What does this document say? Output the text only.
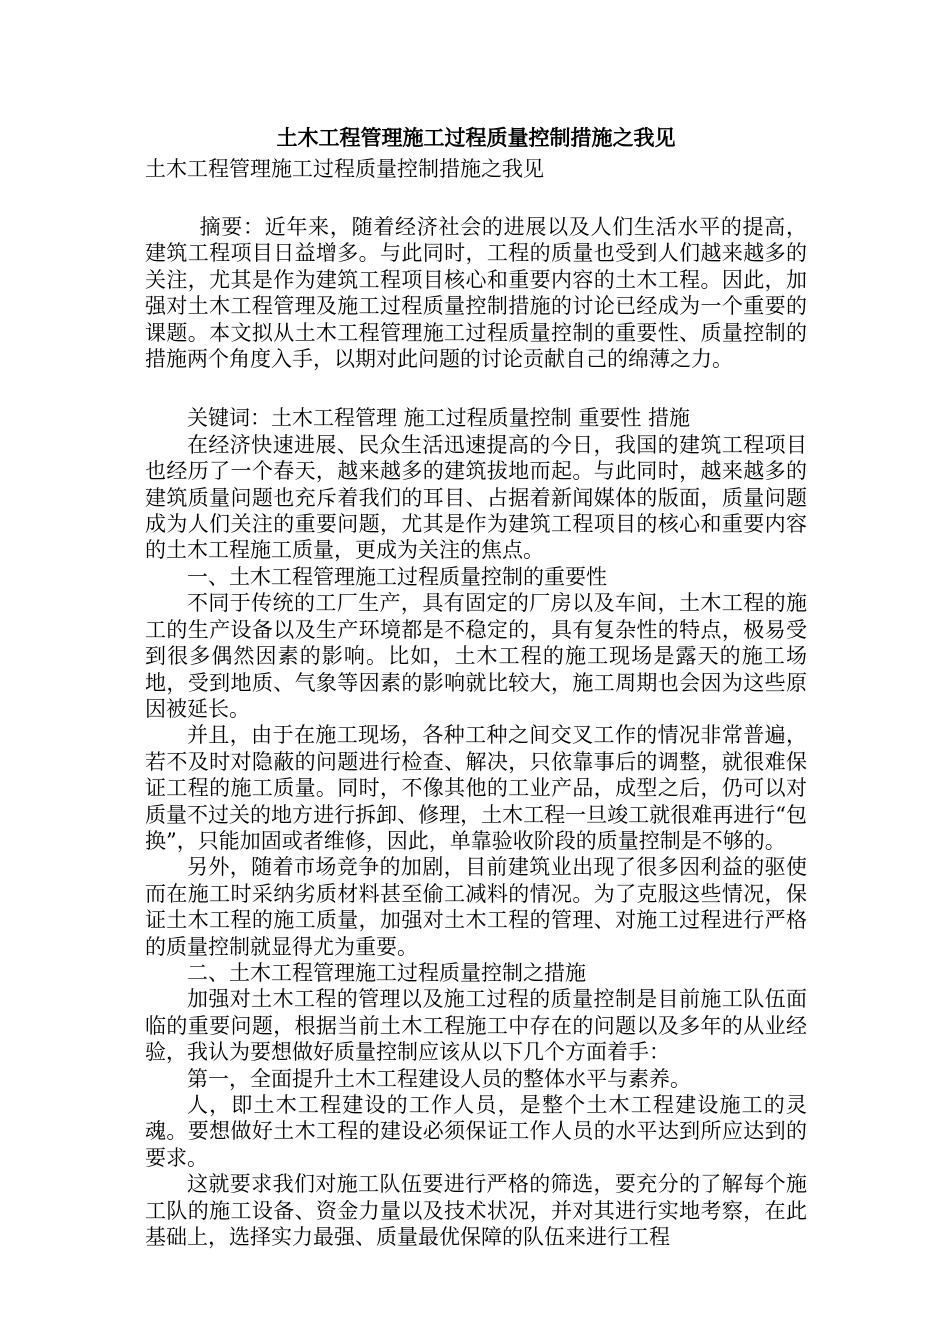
土木工程管理施工过程质量控制措施之我见
土木工程管理施工过程质量控制措施之我见

摘要：近年来，随着经济社会的进展以及人们生活水平的提高，建筑工程项目日益增多。与此同时，工程的质量也受到人们越来越多的关注，尤其是作为建筑工程项目核心和重要内容的土木工程。因此，加强对土木工程管理及施工过程质量控制措施的讨论已经成为一个重要的课题。本文拟从土木工程管理施工过程质量控制的重要性、质量控制的措施两个角度入手，以期对此问题的讨论贡献自己的绵薄之力。

关键词：土木工程管理 施工过程质量控制 重要性 措施

在经济快速进展、民众生活迅速提高的今日，我国的建筑工程项目也经历了一个春天，越来越多的建筑拔地而起。与此同时，越来越多的建筑质量问题也充斥着我们的耳目、占据着新闻媒体的版面，质量问题成为人们关注的重要问题，尤其是作为建筑工程项目的核心和重要内容的土木工程施工质量，更成为关注的焦点。

一、土木工程管理施工过程质量控制的重要性

不同于传统的工厂生产，具有固定的厂房以及车间，土木工程的施工的生产设备以及生产环境都是不稳定的，具有复杂性的特点，极易受到很多偶然因素的影响。比如，土木工程的施工现场是露天的施工场地，受到地质、气象等因素的影响就比较大，施工周期也会因为这些原因被延长。

并且，由于在施工现场，各种工种之间交叉工作的情况非常普遍，若不及时对隐蔽的问题进行检查、解决，只依靠事后的调整，就很难保证工程的施工质量。同时，不像其他的工业产品，成型之后，仍可以对质量不过关的地方进行拆卸、修理，土木工程一旦竣工就很难再进行“包换”，只能加固或者维修，因此，单靠验收阶段的质量控制是不够的。

另外，随着市场竞争的加剧，目前建筑业出现了很多因利益的驱使而在施工时采纳劣质材料甚至偷工减料的情况。为了克服这些情况，保证土木工程的施工质量，加强对土木工程的管理、对施工过程进行严格的质量控制就显得尤为重要。

二、土木工程管理施工过程质量控制之措施

加强对土木工程的管理以及施工过程的质量控制是目前施工队伍面临的重要问题，根据当前土木工程施工中存在的问题以及多年的从业经验，我认为要想做好质量控制应该从以下几个方面着手：

第一，全面提升土木工程建设人员的整体水平与素养。

人，即土木工程建设的工作人员，是整个土木工程建设施工的灵魂。要想做好土木工程的建设必须保证工作人员的水平达到所应达到的要求。

这就要求我们对施工队伍要进行严格的筛选，要充分的了解每个施工队的施工设备、资金力量以及技术状况，并对其进行实地考察，在此基础上，选择实力最强、质量最优保障的队伍来进行工程
